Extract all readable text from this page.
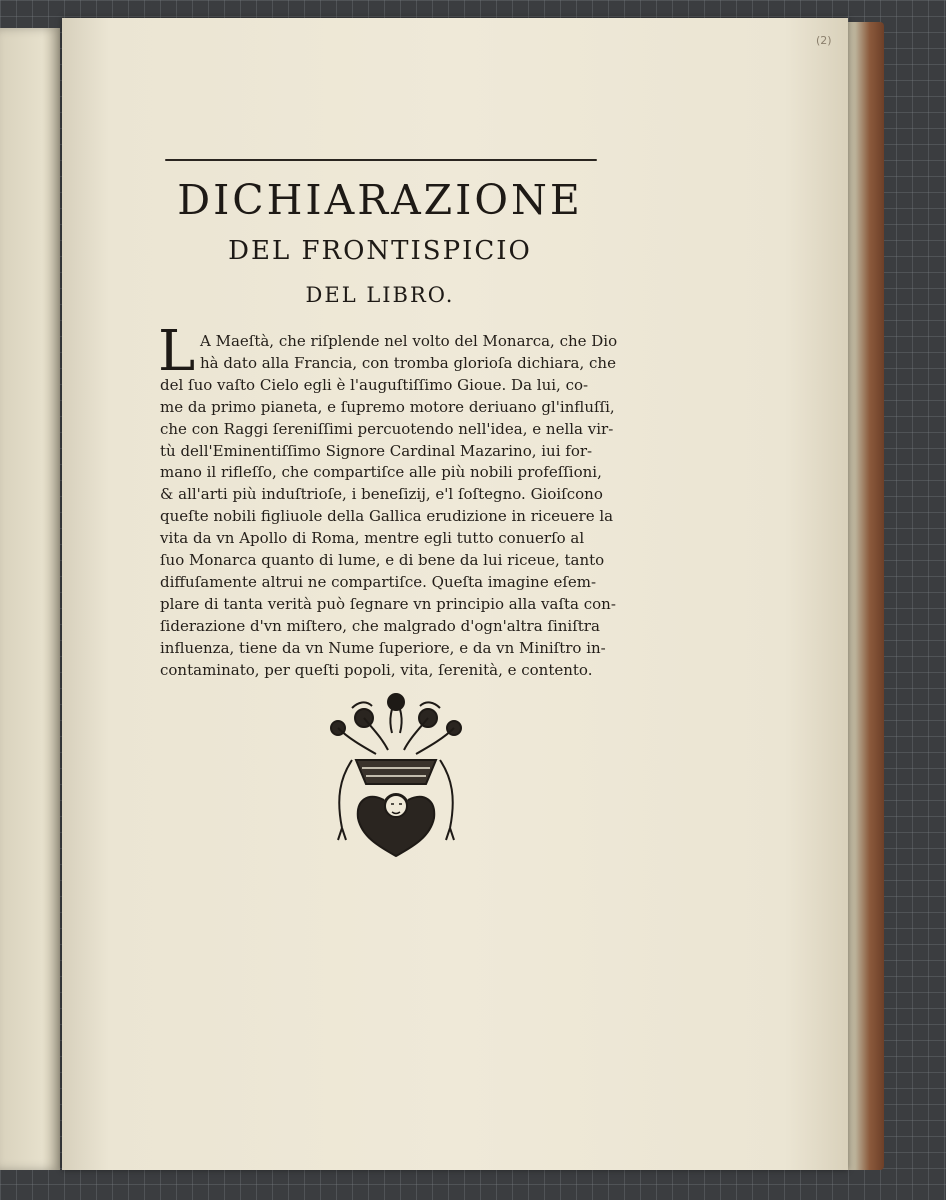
(2)
DICHIARAZIONE
DEL FRONTISPICIO
DEL LIBRO.
L A Maeſtà, che riſplende nel volto del Monarca, che Dio
hà dato alla Francia, con tromba glorioſa dichiara, che
del ſuo vaſto Cielo egli è l'auguſtiſſimo Gioue. Da lui, co-
me da primo pianeta, e ſupremo motore deriuano gl'influſſi,
che con Raggi ſereniſſimi percuotendo nell'idea, e nella vir-
tù dell'Eminentiſſimo Signore Cardinal Mazarino, iui for-
mano il rifleſſo, che compartiſce alle più nobili profeſſioni,
& all'arti più induſtrioſe, i beneſizij, e'l ſoſtegno. Gioiſcono
queſte nobili figliuole della Gallica erudizione in riceuere la
vita da vn Apollo di Roma, mentre egli tutto conuerſo al
ſuo Monarca quanto di lume, e di bene da lui riceue, tanto
diffuſamente altrui ne compartiſce. Queſta imagine eſem-
plare di tanta verità può ſegnare vn principio alla vaſta con-
ſiderazione d'vn miſtero, che malgrado d'ogn'altra ſiniſtra
influenza, tiene da vn Nume ſuperiore, e da vn Miniſtro in-
contaminato, per queſti popoli, vita, ſerenità, e contento.
